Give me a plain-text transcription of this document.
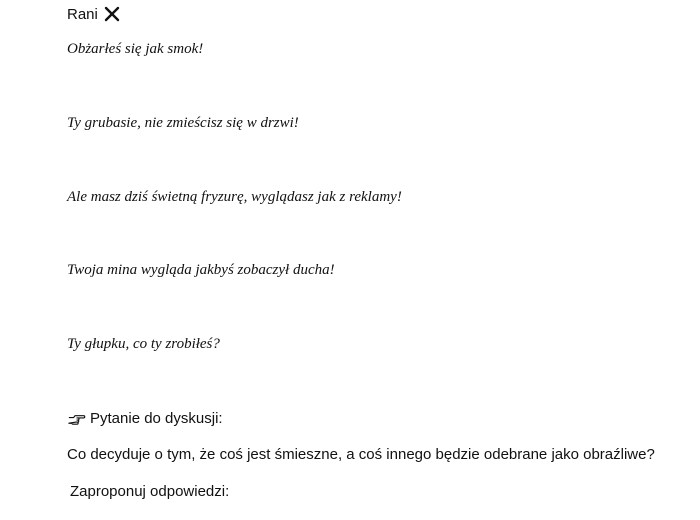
Rani
Obżarłeś się jak smok!
Ty grubasie, nie zmieścisz się w drzwi!
Ale masz dziś świetną fryzurę, wyglądasz jak z reklamy!
Twoja mina wygląda jakbyś zobaczył ducha!
Ty głupku, co ty zrobiłeś?
Pytanie do dyskusji:
Co decyduje o tym, że coś jest śmieszne, a coś innego będzie odebrane jako obraźliwe?
Zaproponuj odpowiedzi:
